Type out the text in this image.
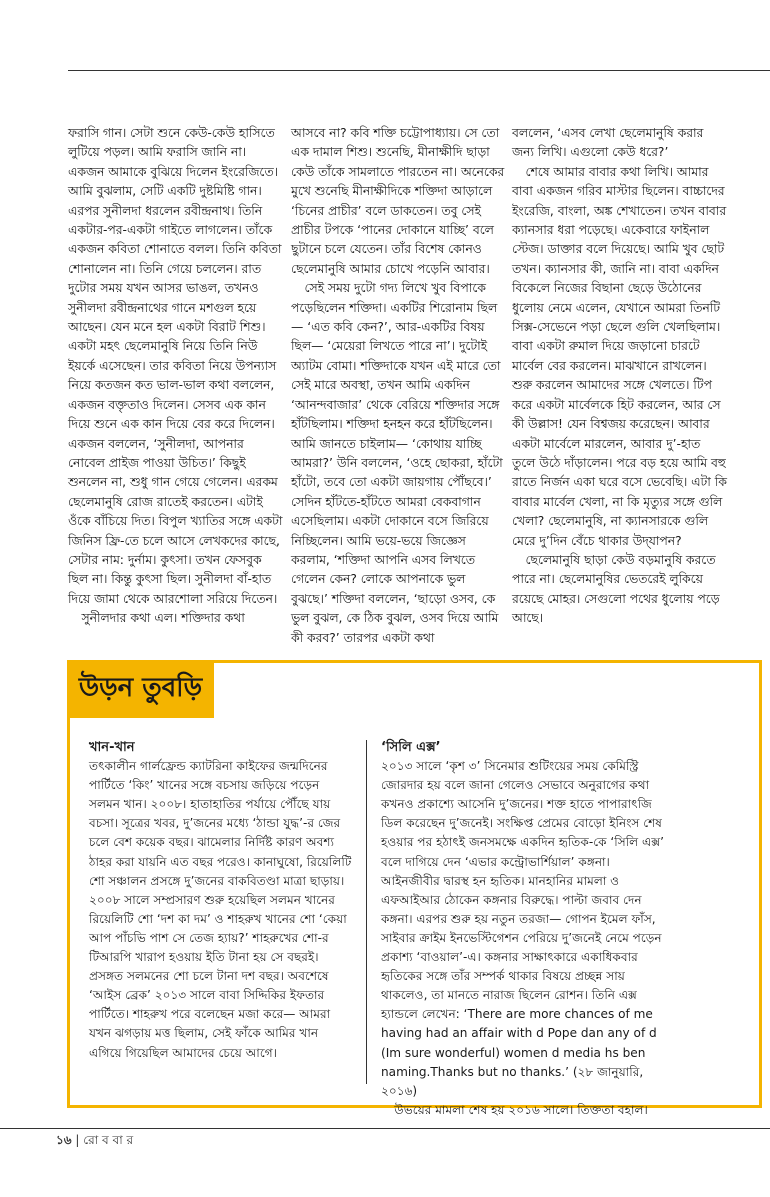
ফরাসি গান। সেটা শুনে কেউ-কেউ হাসিতে লুটিয়ে পড়ল। আমি ফরাসি জানি না। একজন আমাকে বুঝিয়ে দিলেন ইংরেজিতে। আমি বুঝলাম, সেটি একটি দুষ্টমিষ্টি গান। এরপর সুনীলদা ধরলেন রবীন্দ্রনাথ। তিনি একটার-পর-একটা গাইতে লাগলেন। তাঁকে একজন কবিতা শোনাতে বলল। তিনি কবিতা শোনালেন না। তিনি গেয়ে চললেন। রাত দুটোর সময় যখন আসর ভাঙল, তখনও সুনীলদা রবীন্দ্রনাথের গানে মশগুল হয়ে আছেন। যেন মনে হল একটা বিরাট শিশু। একটা মহৎ ছেলেমানুষি নিয়ে তিনি নিউ ইয়র্কে এসেছেন। তার কবিতা নিয়ে উপন্যাস নিয়ে কতজন কত ভাল-ভাল কথা বললেন, একজন বক্তৃতাও দিলেন। সেসব এক কান দিয়ে শুনে এক কান দিয়ে বের করে দিলেন। একজন বললেন, ‘সুনীলদা, আপনার নোবেল প্রাইজ পাওয়া উচিত।’ কিছুই শুনলেন না, শুধু গান গেয়ে গেলেন। এরকম ছেলেমানুষি রোজ রাতেই করতেন। এটাই ওঁকে বাঁচিয়ে দিত। বিপুল খ্যাতির সঙ্গে একটা জিনিস ফ্রি-তে চলে আসে লেখকদের কাছে, সেটার নাম: দুর্নাম। কুৎসা। তখন ফেসবুক ছিল না। কিন্তু কুৎসা ছিল। সুনীলদা বাঁ-হাত দিয়ে জামা থেকে আরশোলা সরিয়ে দিতেন।

সুনীলদার কথা এল। শক্তিদার কথা

আসবে না? কবি শক্তি চট্টোপাধ্যায়। সে তো এক দামাল শিশু। শুনেছি, মীনাক্ষীদি ছাড়া কেউ তাঁকে সামলাতে পারতেন না। অনেকের মুখে শুনেছি মীনাক্ষীদিকে শক্তিদা আড়ালে ‘চিনের প্রাচীর’ বলে ডাকতেন। তবু সেই প্রাচীর টপকে ‘পানের দোকানে যাচ্ছি’ বলে ছুটানে চলে যেতেন। তাঁর বিশেষ কোনও ছেলেমানুষি আমার চোখে পড়েনি আবার।

সেই সময় দুটো গদ্য লিখে খুব বিপাকে পড়েছিলেন শক্তিদা। একটির শিরোনাম ছিল— ‘এত কবি কেন?’, আর-একটির বিষয় ছিল— ‘মেয়েরা লিখতে পারে না’। দুটোই অ্যাটম বোমা। শক্তিদাকে যখন এই মারে তো সেই মারে অবস্থা, তখন আমি একদিন ‘আনন্দবাজার’ থেকে বেরিয়ে শক্তিদার সঙ্গে হাঁটছিলাম। শক্তিদা হনহন করে হাঁটছিলেন। আমি জানতে চাইলাম— ‘কোথায় যাচ্ছি আমরা?’ উনি বললেন, ‘ওহে ছোকরা, হাঁটো হাঁটো, তবে তো একটা জায়গায় পৌঁছবে।’ সেদিন হাঁটতে-হাঁটতে আমরা বেকবাগান এসেছিলাম। একটা দোকানে বসে জিরিয়ে নিচ্ছিলেন। আমি ভয়ে-ভয়ে জিজ্ঞেস করলাম, ‘শক্তিদা আপনি এসব লিখতে গেলেন কেন? লোকে আপনাকে ভুল বুঝছে।’ শক্তিদা বললেন, ‘ছাড়ো ওসব, কে ভুল বুঝল, কে ঠিক বুঝল, ওসব দিয়ে আমি কী করব?’ তারপর একটা কথা

বললেন, ‘এসব লেখা ছেলেমানুষি করার জন্য লিখি। এগুলো কেউ ধরে?’

শেষে আমার বাবার কথা লিখি। আমার বাবা একজন গরিব মাস্টার ছিলেন। বাচ্চাদের ইংরেজি, বাংলা, অঙ্ক শেখাতেন। তখন বাবার ক্যানসার ধরা পড়েছে। একেবারে ফাইনাল স্টেজ। ডাক্তার বলে দিয়েছে। আমি খুব ছোট তখন। ক্যানসার কী, জানি না। বাবা একদিন বিকেলে নিজের বিছানা ছেড়ে উঠোনের ধুলোয় নেমে এলেন, যেখানে আমরা তিনটি সিক্স-সেভেনে পড়া ছেলে গুলি খেলছিলাম। বাবা একটা রুমাল দিয়ে জড়ানো চারটে মার্বেল বের করলেন। মাঝখানে রাখলেন। শুরু করলেন আমাদের সঙ্গে খেলতে। টিপ করে একটা মার্বেলকে হিট করলেন, আর সে কী উল্লাস! যেন বিশ্বজয় করেছেন। আবার একটা মার্বেলে মারলেন, আবার দু’-হাত তুলে উঠে দাঁড়ালেন। পরে বড় হয়ে আমি বহু রাতে নির্জন একা ঘরে বসে ভেবেছি। এটা কি বাবার মার্বেল খেলা, না কি মৃত্যুর সঙ্গে গুলি খেলা? ছেলেমানুষি, না ক্যানসারকে গুলি মেরে দু’দিন বেঁচে থাকার উদ্‌যাপন?

ছেলেমানুষি ছাড়া কেউ বড়মানুষি করতে পারে না। ছেলেমানুষির ভেতরেই লুকিয়ে রয়েছে মোহর। সেগুলো পথের ধুলোয় পড়ে আছে।

উড়ন তুবড়ি

খান-খান

তৎকালীন গার্লফ্রেন্ড ক্যাটরিনা কাইফের জন্মদিনের পার্টিতে ‘কিং’ খানের সঙ্গে বচসায় জড়িয়ে পড়েন সলমন খান। ২০০৮। হাতাহাতির পর্যায়ে পৌঁছে যায় বচসা। সূত্রের খবর, দু’জনের মধ্যে ‘ঠান্ডা যুদ্ধ’-র জের চলে বেশ কয়েক বছর। ঝামেলার নির্দিষ্ট কারণ অবশ্য ঠাহর করা যায়নি এত বছর পরেও। কানাঘুষো, রিয়েলিটি শো সঞ্চালন প্রসঙ্গে দু’জনের বাকবিতণ্ডা মাত্রা ছাড়ায়। ২০০৮ সালে সম্প্রসারণ শুরু হয়েছিল সলমন খানের রিয়েলিটি শো ‘দশ কা দম’ ও শাহরুখ খানের শো ‘কেয়া আপ পাঁচভি পাশ সে তেজ হ্যায়?’ শাহরুখের শো-র টিআরপি খারাপ হওয়ায় ইতি টানা হয় সে বছরই। প্রসঙ্গত সলমনের শো চলে টানা দশ বছর। অবশেষে ‘আইস ব্রেক’ ২০১৩ সালে বাবা সিদ্দিকির ইফতার পার্টিতে। শাহরুখ পরে বলেছেন মজা করে— আমরা যখন ঝগড়ায় মত্ত ছিলাম, সেই ফাঁকে আমির খান এগিয়ে গিয়েছিল আমাদের চেয়ে আগে।

‘সিলি এক্স’

২০১৩ সালে ‘কৃশ ৩’ সিনেমার শুটিংয়ের সময় কেমিস্ট্রি জোরদার হয় বলে জানা গেলেও সেভাবে অনুরাগের কথা কখনও প্রকাশ্যে আসেনি দু’জনের। শক্ত হাতে পাপারাৎজি ডিল করেছেন দু’জনেই। সংক্ষিপ্ত প্রেমের বোড়ো ইনিংস শেষ হওয়ার পর হঠাৎই জনসমক্ষে একদিন হৃতিক-কে ‘সিলি এক্স’ বলে দাগিয়ে দেন ‘এভার কন্ট্রোভার্শিয়াল’ কঙ্গনা। আইনজীবীর দ্বারস্থ হন হৃতিক। মানহানির মামলা ও এফআইআর ঠোকেন কঙ্গনার বিরুদ্ধে। পাল্টা জবাব দেন কঙ্গনা। এরপর শুরু হয় নতুন তরজা— গোপন ইমেল ফাঁস, সাইবার ক্রাইম ইনভেস্টিগেশন পেরিয়ে দু’জনেই নেমে পড়েন প্রকাশ্য ‘বাওয়াল’-এ। কঙ্গনার সাক্ষাৎকারে একাধিকবার হৃতিকের সঙ্গে তাঁর সম্পর্ক থাকার বিষয়ে প্রচ্ছন্ন সায় থাকলেও, তা মানতে নারাজ ছিলেন রোশন। তিনি এক্স হ্যান্ডলে লেখেন: ‘There are more chances of me having had an affair with d Pope dan any of d (Im sure wonderful) women d media hs ben naming.Thanks but no thanks.’ (২৮ জানুয়ারি, ২০১৬)

উভয়ের মামলা শেষ হয় ২০১৬ সালে। তিক্ততা বহাল।

১৬ | রো ব বা র
